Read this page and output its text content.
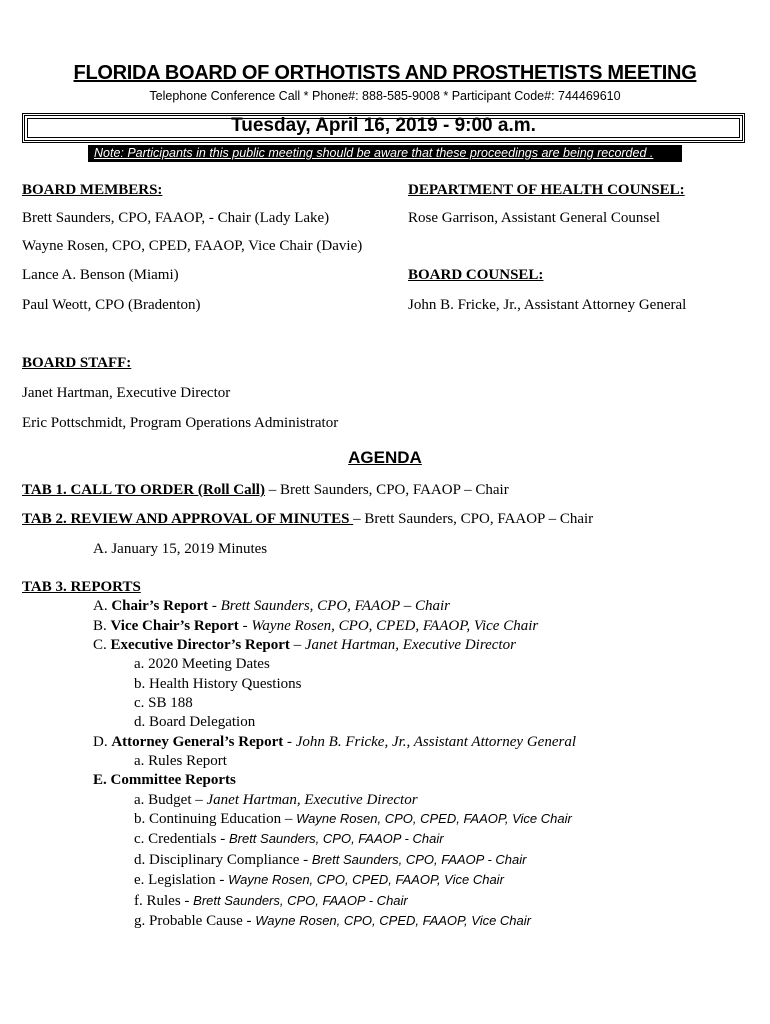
FLORIDA BOARD OF ORTHOTISTS AND PROSTHETISTS MEETING
Telephone Conference Call * Phone#: 888-585-9008 * Participant Code#: 744469610
Tuesday, April 16, 2019 - 9:00 a.m.
Note: Participants in this public meeting should be aware that these proceedings are being recorded .
BOARD MEMBERS:
Brett Saunders, CPO, FAAOP, - Chair (Lady Lake)
Wayne Rosen, CPO, CPED, FAAOP, Vice Chair (Davie)
Lance A. Benson (Miami)
Paul Weott, CPO (Bradenton)
DEPARTMENT OF HEALTH COUNSEL:
Rose Garrison, Assistant General Counsel
BOARD COUNSEL:
John B. Fricke, Jr., Assistant Attorney General
BOARD STAFF:
Janet Hartman, Executive Director
Eric Pottschmidt, Program Operations Administrator
AGENDA
TAB 1. CALL TO ORDER (Roll Call) – Brett Saunders, CPO, FAAOP – Chair
TAB 2. REVIEW AND APPROVAL OF MINUTES – Brett Saunders, CPO, FAAOP – Chair
A. January 15, 2019 Minutes
TAB 3. REPORTS
A. Chair’s Report - Brett Saunders, CPO, FAAOP – Chair
B. Vice Chair’s Report - Wayne Rosen, CPO, CPED, FAAOP, Vice Chair
C. Executive Director’s Report – Janet Hartman, Executive Director
a. 2020 Meeting Dates
b. Health History Questions
c. SB 188
d. Board Delegation
D. Attorney General’s Report - John B. Fricke, Jr., Assistant Attorney General
a. Rules Report
E. Committee Reports
a. Budget – Janet Hartman, Executive Director
b. Continuing Education – Wayne Rosen, CPO, CPED, FAAOP, Vice Chair
c. Credentials - Brett Saunders, CPO, FAAOP - Chair
d. Disciplinary Compliance - Brett Saunders, CPO, FAAOP - Chair
e. Legislation - Wayne Rosen, CPO, CPED, FAAOP, Vice Chair
f. Rules - Brett Saunders, CPO, FAAOP - Chair
g. Probable Cause - Wayne Rosen, CPO, CPED, FAAOP, Vice Chair
